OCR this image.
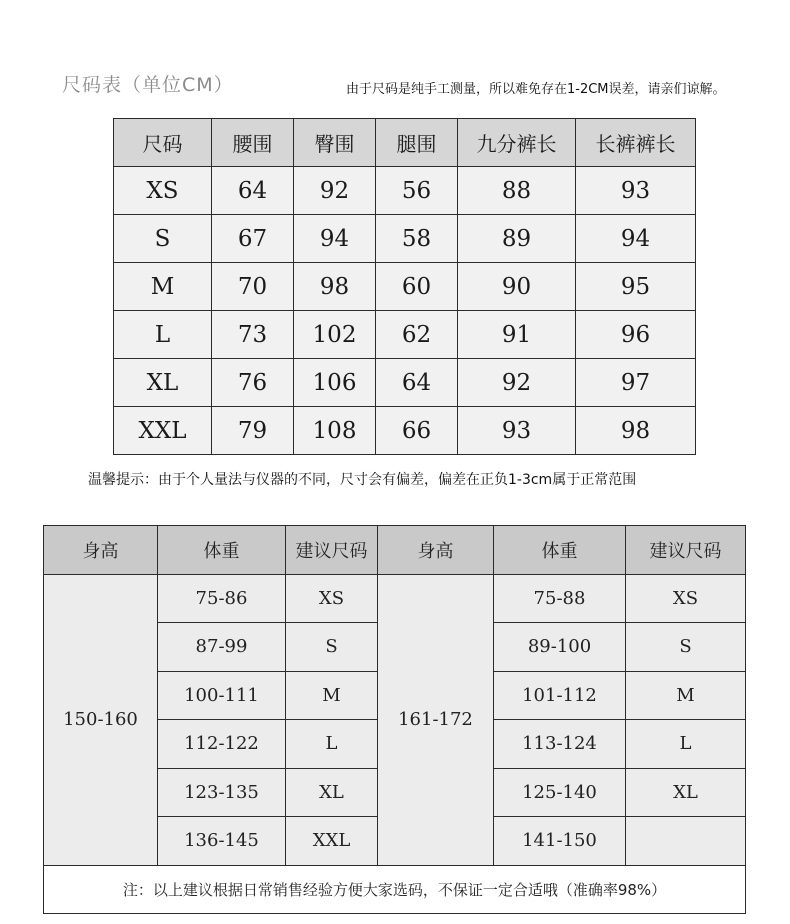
尺码表（单位CM）	由于尺码是纯手工测量，所以难免存在1-2CM误差，请亲们谅解。
尺码	腰围	臀围	腿围	九分裤长	长裤裤长
XS	64	92	56	88	93
S	67	94	58	89	94
M	70	98	60	90	95
L	73	102	62	91	96
XL	76	106	64	92	97
XXL	79	108	66	93	98
温馨提示：由于个人量法与仪器的不同，尺寸会有偏差，偏差在正负1-3cm属于正常范围
身高	体重	建议尺码	身高	体重	建议尺码
150-160	75-86	XS	161-172	75-88	XS
	87-99	S		89-100	S
	100-111	M		101-112	M
	112-122	L		113-124	L
	123-135	XL		125-140	XL
	136-145	XXL		141-150	
注：以上建议根据日常销售经验方便大家选码，不保证一定合适哦（准确率98%）					
